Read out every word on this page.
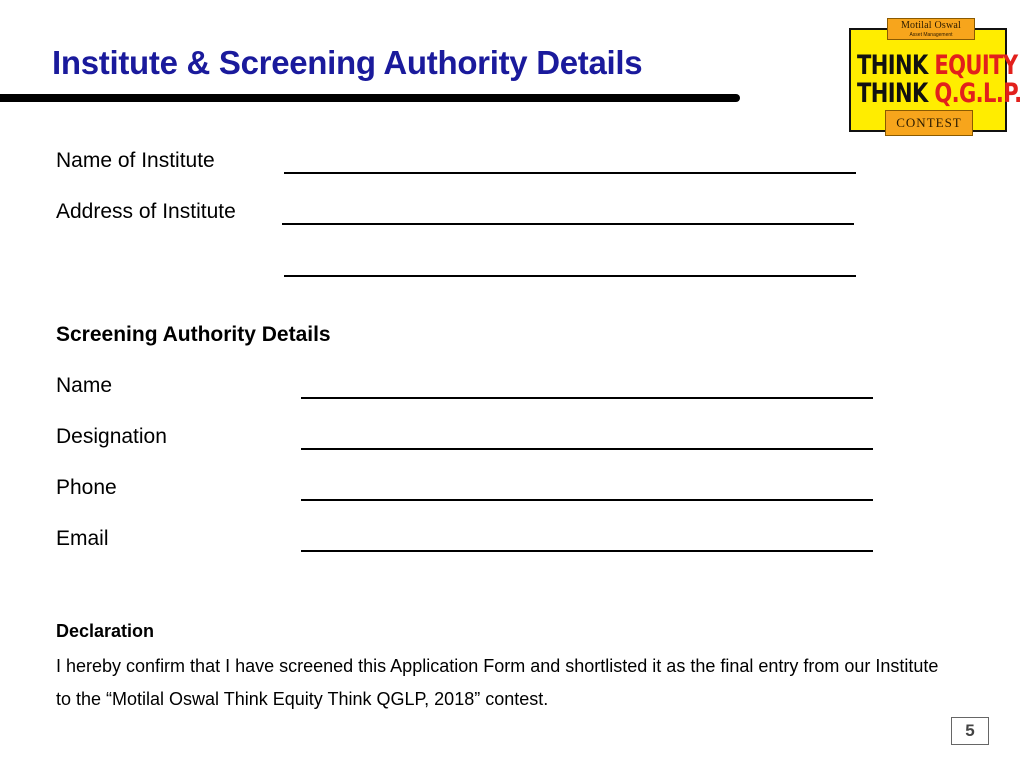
Institute & Screening Authority Details
Motilal Oswal
Asset Management
THINK EQUITY
THINK Q.G.L.P.
CONTEST
Name of Institute
Address of Institute
Screening Authority Details
Name
Designation
Phone
Email
Declaration
I hereby confirm that I have screened this Application Form and shortlisted it as the final entry from our Institute to the “Motilal Oswal Think Equity Think QGLP, 2018” contest.
5
